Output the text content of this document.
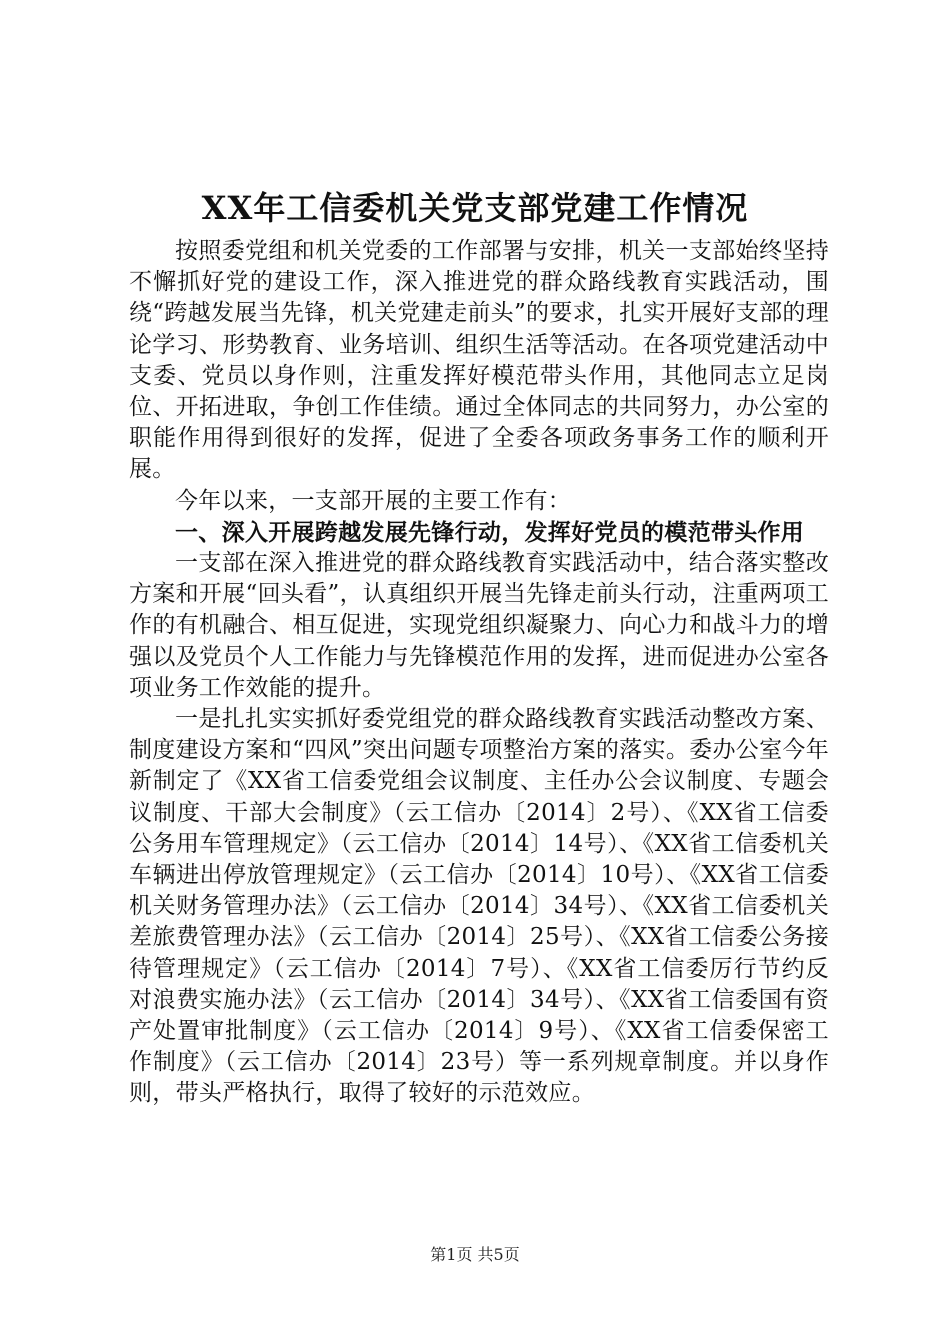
XX年工信委机关党支部党建工作情况

按照委党组和机关党委的工作部署与安排，机关一支部始终坚持不懈抓好党的建设工作，深入推进党的群众路线教育实践活动，围绕“跨越发展当先锋，机关党建走前头”的要求，扎实开展好支部的理论学习、形势教育、业务培训、组织生活等活动。在各项党建活动中支委、党员以身作则，注重发挥好模范带头作用，其他同志立足岗位、开拓进取，争创工作佳绩。通过全体同志的共同努力，办公室的职能作用得到很好的发挥，促进了全委各项政务事务工作的顺利开展。

今年以来，一支部开展的主要工作有：

一、深入开展跨越发展先锋行动，发挥好党员的模范带头作用

一支部在深入推进党的群众路线教育实践活动中，结合落实整改方案和开展“回头看”，认真组织开展当先锋走前头行动，注重两项工作的有机融合、相互促进，实现党组织凝聚力、向心力和战斗力的增强以及党员个人工作能力与先锋模范作用的发挥，进而促进办公室各项业务工作效能的提升。

一是扎扎实实抓好委党组党的群众路线教育实践活动整改方案、制度建设方案和“四风”突出问题专项整治方案的落实。委办公室今年新制定了《XX省工信委党组会议制度、主任办公会议制度、专题会议制度、干部大会制度》（云工信办〔2014〕2号）、《XX省工信委公务用车管理规定》（云工信办〔2014〕14号）、《XX省工信委机关车辆进出停放管理规定》（云工信办〔2014〕10号）、《XX省工信委机关财务管理办法》（云工信办〔2014〕34号）、《XX省工信委机关差旅费管理办法》（云工信办〔2014〕25号）、《XX省工信委公务接待管理规定》（云工信办〔2014〕7号）、《XX省工信委厉行节约反对浪费实施办法》（云工信办〔2014〕34号）、《XX省工信委国有资产处置审批制度》（云工信办〔2014〕9号）、《XX省工信委保密工作制度》（云工信办〔2014〕23号）等一系列规章制度。并以身作则，带头严格执行，取得了较好的示范效应。

第1页 共5页
